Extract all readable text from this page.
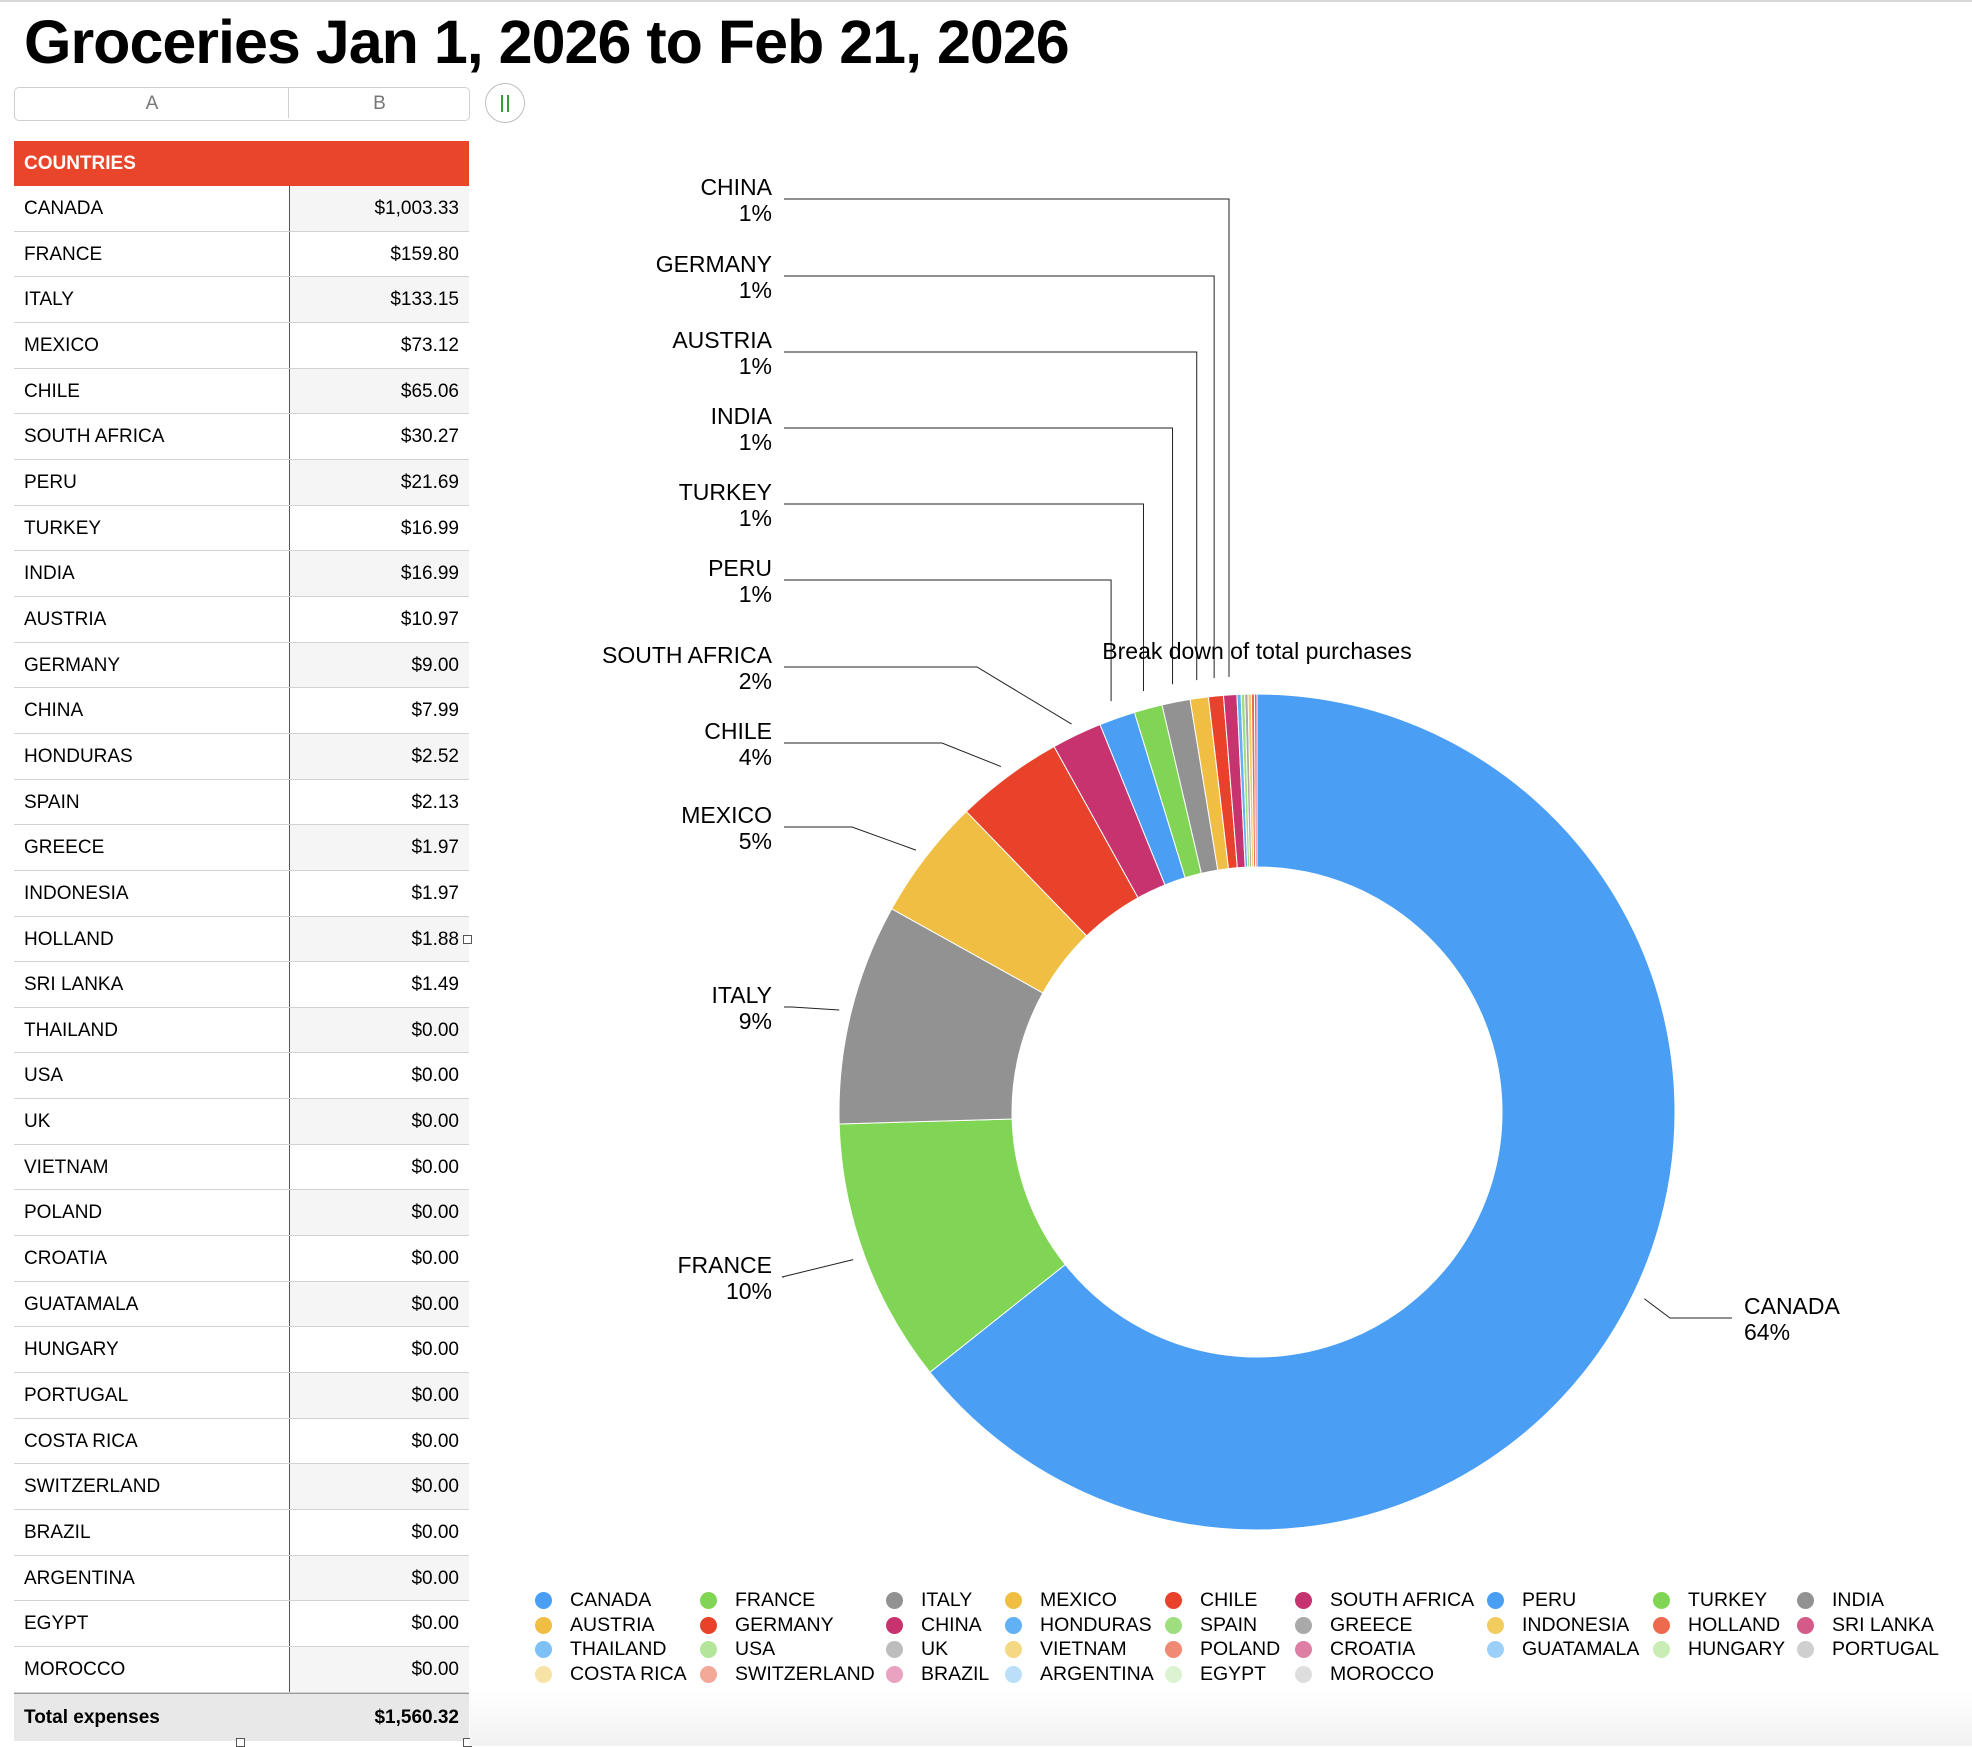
Groceries Jan 1, 2026 to Feb 21, 2026
A	B
COUNTRIES
CANADA	$1,003.33
FRANCE	$159.80
ITALY	$133.15
MEXICO	$73.12
CHILE	$65.06
SOUTH AFRICA	$30.27
PERU	$21.69
TURKEY	$16.99
INDIA	$16.99
AUSTRIA	$10.97
GERMANY	$9.00
CHINA	$7.99
HONDURAS	$2.52
SPAIN	$2.13
GREECE	$1.97
INDONESIA	$1.97
HOLLAND	$1.88
SRI LANKA	$1.49
THAILAND	$0.00
USA	$0.00
UK	$0.00
VIETNAM	$0.00
POLAND	$0.00
CROATIA	$0.00
GUATAMALA	$0.00
HUNGARY	$0.00
PORTUGAL	$0.00
COSTA RICA	$0.00
SWITZERLAND	$0.00
BRAZIL	$0.00
ARGENTINA	$0.00
EGYPT	$0.00
MOROCCO	$0.00
Total expenses	$1,560.32
CANADA
64%
FRANCE
10%
ITALY
9%
MEXICO
5%
CHILE
4%
SOUTH AFRICA
2%
PERU
1%
TURKEY
1%
INDIA
1%
AUSTRIA
1%
GERMANY
1%
CHINA
1%
Break down of total purchases
CANADA	FRANCE	ITALY	MEXICO	CHILE	SOUTH AFRICA PERU	TURKEY	INDIA
AUSTRIA	GERMANY	CHINA	HONDURAS SPAIN	GREECE	INDONESIA	HOLLAND	SRI LANKA
THAILAND	USA	UK	VIETNAM	POLAND	CROATIA	GUATAMALA HUNGARY PORTUGAL
COSTA RICA SWITZERLAND BRAZIL	ARGENTINA EGYPT	MOROCCO
